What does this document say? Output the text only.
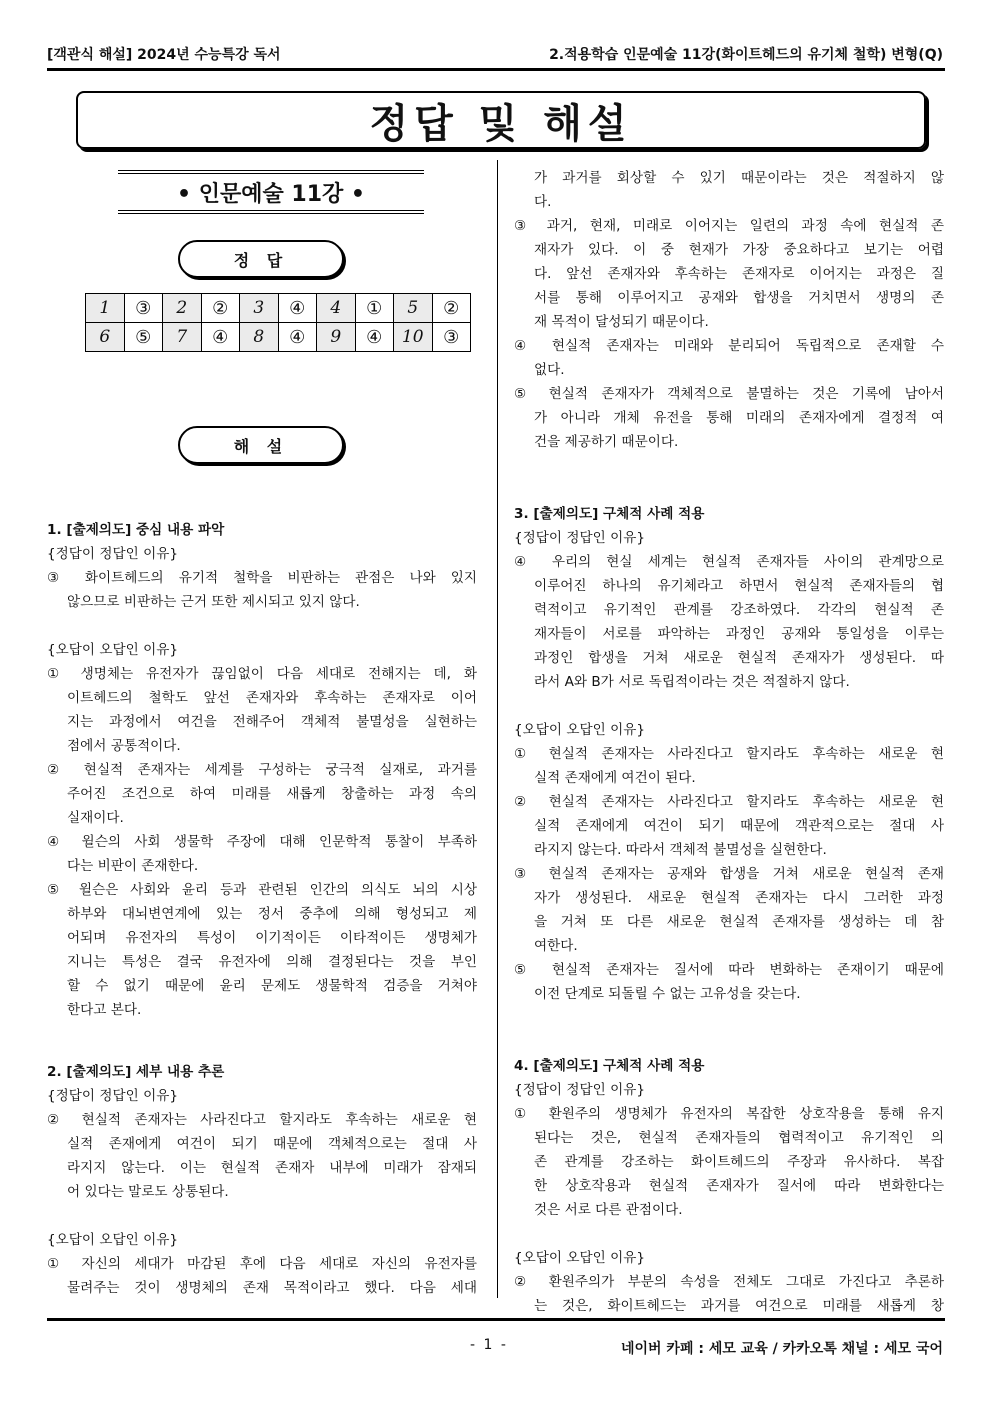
[객관식 해설] 2024년 수능특강 독서	2.적용학습 인문예술 11강(화이트헤드의 유기체 철학) 변형(Q)
정답 및 해설
• 인문예술 11강 •
정 답
1	③	2	②	3	④	4	①	5	②
6	⑤	7	④	8	④	9	④	10	③
해 설
1. [출제의도] 중심 내용 파악
{정답이 정답인 이유}
③ 화이트헤드의 유기적 철학을 비판하는 관점은 나와 있지
않으므로 비판하는 근거 또한 제시되고 있지 않다.
{오답이 오답인 이유}
① 생명체는 유전자가 끊임없이 다음 세대로 전해지는 데, 화
이트헤드의 철학도 앞선 존재자와 후속하는 존재자로 이어
지는 과정에서 여건을 전해주어 객체적 불멸성을 실현하는
점에서 공통적이다.
② 현실적 존재자는 세계를 구성하는 궁극적 실재로, 과거를
주어진 조건으로 하여 미래를 새롭게 창출하는 과정 속의
실재이다.
④ 윌슨의 사회 생물학 주장에 대해 인문학적 통찰이 부족하
다는 비판이 존재한다.
⑤ 윌슨은 사회와 윤리 등과 관련된 인간의 의식도 뇌의 시상
하부와 대뇌변연계에 있는 정서 중추에 의해 형성되고 제
어되며 유전자의 특성이 이기적이든 이타적이든 생명체가
지니는 특성은 결국 유전자에 의해 결정된다는 것을 부인
할 수 없기 때문에 윤리 문제도 생물학적 검증을 거쳐야
한다고 본다.
2. [출제의도] 세부 내용 추론
{정답이 정답인 이유}
② 현실적 존재자는 사라진다고 할지라도 후속하는 새로운 현
실적 존재에게 여건이 되기 때문에 객체적으로는 절대 사
라지지 않는다. 이는 현실적 존재자 내부에 미래가 잠재되
어 있다는 말로도 상통된다.
{오답이 오답인 이유}
① 자신의 세대가 마감된 후에 다음 세대로 자신의 유전자를
물려주는 것이 생명체의 존재 목적이라고 했다. 다음 세대
가 과거를 회상할 수 있기 때문이라는 것은 적절하지 않
다.
③ 과거, 현재, 미래로 이어지는 일련의 과정 속에 현실적 존
재자가 있다. 이 중 현재가 가장 중요하다고 보기는 어렵
다. 앞선 존재자와 후속하는 존재자로 이어지는 과정은 질
서를 통해 이루어지고 공재와 합생을 거치면서 생명의 존
재 목적이 달성되기 때문이다.
④ 현실적 존재자는 미래와 분리되어 독립적으로 존재할 수
없다.
⑤ 현실적 존재자가 객체적으로 불멸하는 것은 기록에 남아서
가 아니라 개체 유전을 통해 미래의 존재자에게 결정적 여
건을 제공하기 때문이다.
3. [출제의도] 구체적 사례 적용
{정답이 정답인 이유}
④ 우리의 현실 세계는 현실적 존재자들 사이의 관계망으로
이루어진 하나의 유기체라고 하면서 현실적 존재자들의 협
력적이고 유기적인 관계를 강조하였다. 각각의 현실적 존
재자들이 서로를 파악하는 과정인 공재와 통일성을 이루는
과정인 합생을 거쳐 새로운 현실적 존재자가 생성된다. 따
라서 A와 B가 서로 독립적이라는 것은 적절하지 않다.
{오답이 오답인 이유}
① 현실적 존재자는 사라진다고 할지라도 후속하는 새로운 현
실적 존재에게 여건이 된다.
② 현실적 존재자는 사라진다고 할지라도 후속하는 새로운 현
실적 존재에게 여건이 되기 때문에 객관적으로는 절대 사
라지지 않는다. 따라서 객체적 불멸성을 실현한다.
③ 현실적 존재자는 공재와 합생을 거쳐 새로운 현실적 존재
자가 생성된다. 새로운 현실적 존재자는 다시 그러한 과정
을 거쳐 또 다른 새로운 현실적 존재자를 생성하는 데 참
여한다.
⑤ 현실적 존재자는 질서에 따라 변화하는 존재이기 때문에
이전 단계로 되돌릴 수 없는 고유성을 갖는다.
4. [출제의도] 구체적 사례 적용
{정답이 정답인 이유}
① 환원주의 생명체가 유전자의 복잡한 상호작용을 통해 유지
된다는 것은, 현실적 존재자들의 협력적이고 유기적인 의
존 관계를 강조하는 화이트헤드의 주장과 유사하다. 복잡
한 상호작용과 현실적 존재자가 질서에 따라 변화한다는
것은 서로 다른 관점이다.
{오답이 오답인 이유}
② 환원주의가 부분의 속성을 전체도 그대로 가진다고 추론하
는 것은, 화이트헤드는 과거를 여건으로 미래를 새롭게 창
- 1 -	네이버 카페 : 세모 교육 / 카카오톡 채널 : 세모 국어
